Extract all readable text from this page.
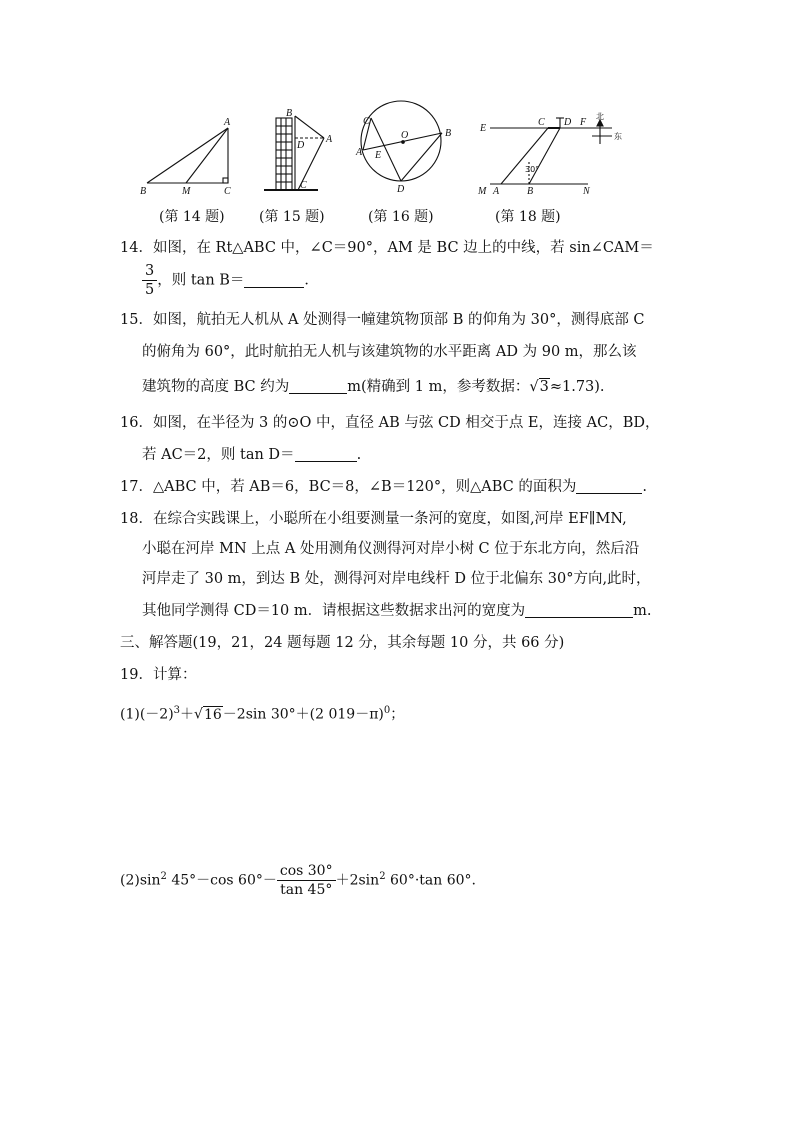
A
B	M	C
B
A
D
C
C
A E
O	B
D
E
C D F
M A	B	N
30°
北
东
(第 14 题) (第 15 题)	(第 16 题)	(第 18 题)
14．如图，在 Rt△ABC 中，∠C＝90°，AM 是 BC 边上的中线，若 sin∠CAM＝
$\frac{3}{5}$ ，则 tan B＝	．
15．如图，航拍无人机从 A 处测得一幢建筑物顶部 B 的仰角为 30°，测得底部 C
的俯角为 60°，此时航拍无人机与该建筑物的水平距离 AD 为 90 m，那么该
建筑物的高度 BC 约为	m(精确到 1 m，参考数据：√3≈1.73).
16．如图，在半径为 3 的⊙O 中，直径 AB 与弦 CD 相交于点 E，连接 AC，BD，
若 AC＝2，则 tan D＝	.
17．△ABC 中，若 AB＝6，BC＝8，∠B＝120°，则△ABC 的面积为	.
18．在综合实践课上，小聪所在小组要测量一条河的宽度，如图,河岸 EF∥MN,
小聪在河岸 MN 上点 A 处用测角仪测得河对岸小树 C 位于东北方向，然后沿
河岸走了 30 m，到达 B 处，测得河对岸电线杆 D 位于北偏东 30°方向,此时，
其他同学测得 CD＝10 m．请根据这些数据求出河的宽度为	m.
三、解答题(19，21，24 题每题 12 分，其余每题 10 分，共 66 分)
19．计算：
$(1)(-2)^3+√16-2\sin$ 30°＋(2 019－π)$^0$；
$(2)\sin^2$ 45°－cos $60^\circ- \frac{\cos 30^\circ}{\tan 45^\circ} +2\sin^2$ 60°·tan 60°.
